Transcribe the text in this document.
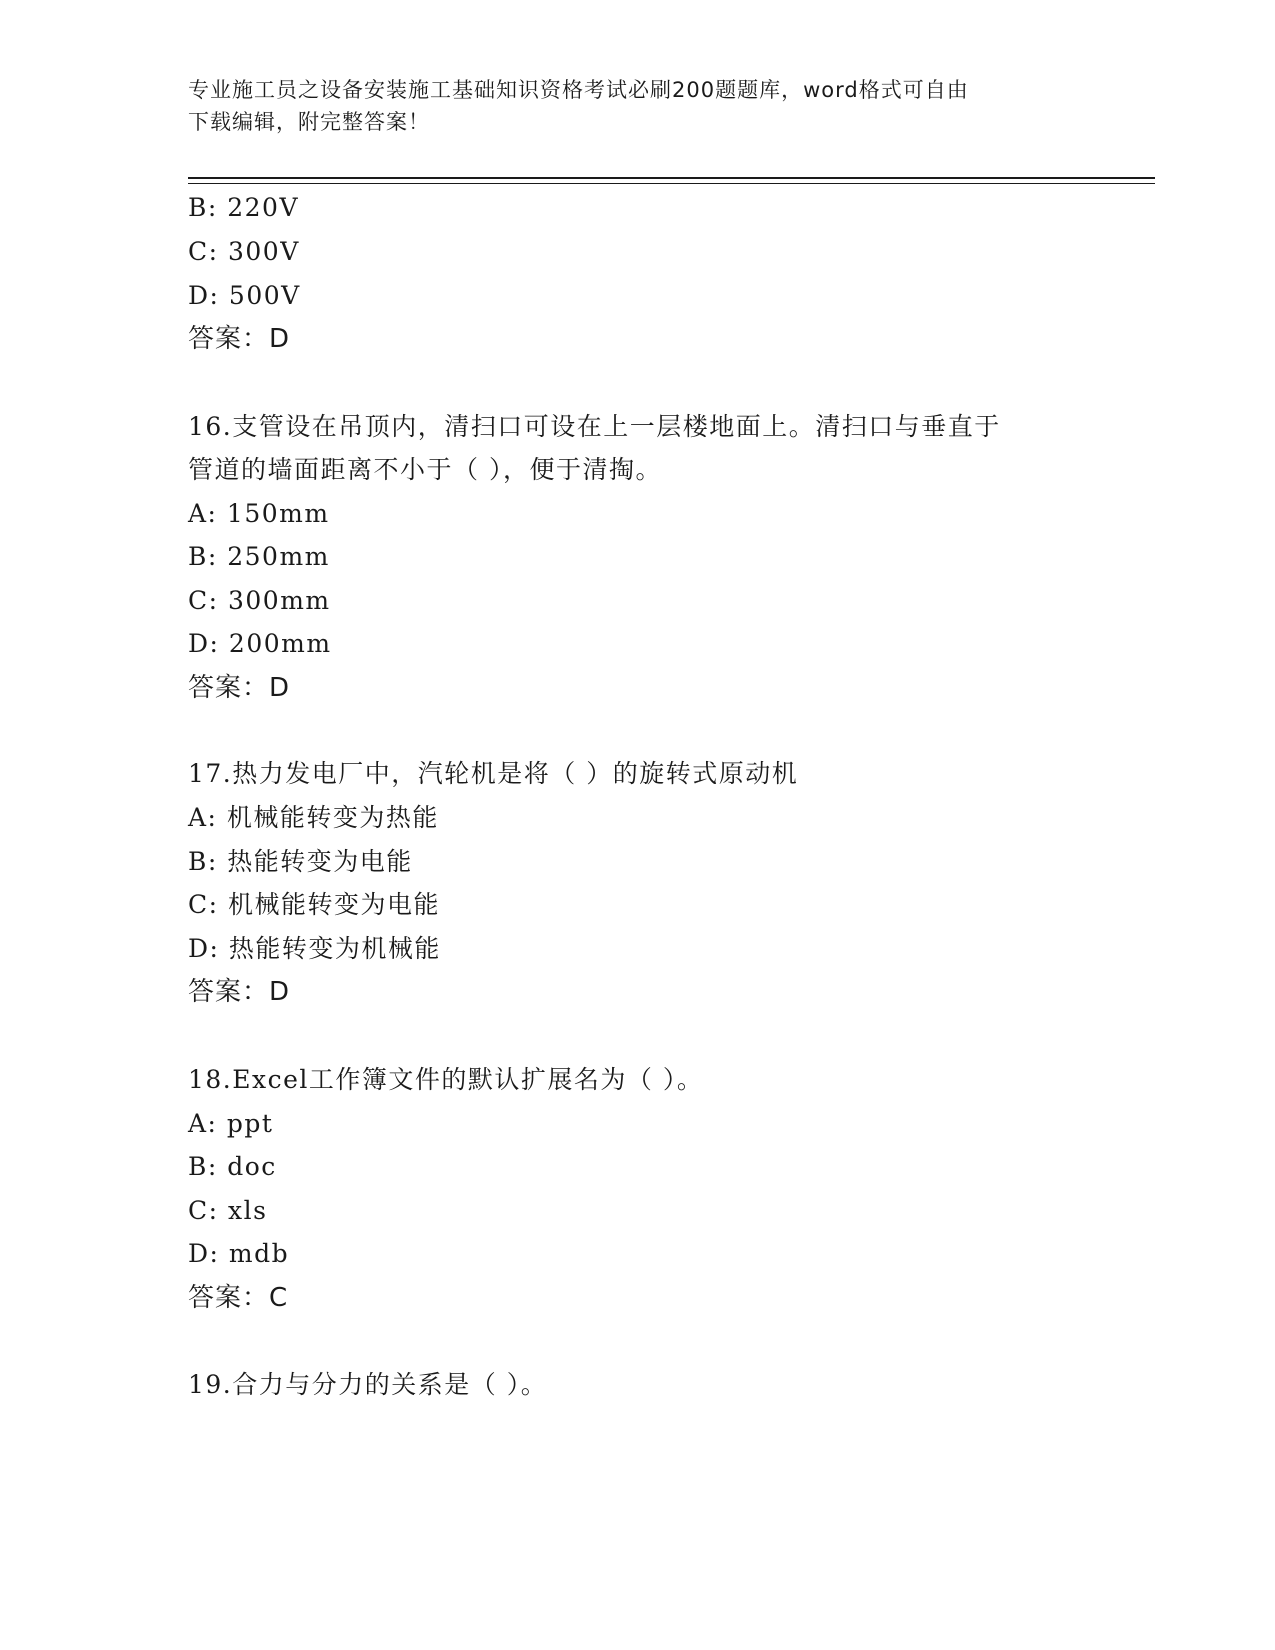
专业施工员之设备安装施工基础知识资格考试必刷200题题库，word格式可自由
下载编辑，附完整答案！
B: 220V
C: 300V
D: 500V
答案：D
16.支管设在吊顶内，清扫口可设在上一层楼地面上。清扫口与垂直于
管道的墙面距离不小于（ ），便于清掏。
A: 150mm
B: 250mm
C: 300mm
D: 200mm
答案：D
17.热力发电厂中，汽轮机是将（ ）的旋转式原动机
A: 机械能转变为热能
B: 热能转变为电能
C: 机械能转变为电能
D: 热能转变为机械能
答案：D
18.Excel工作簿文件的默认扩展名为（ ）。
A: ppt
B: doc
C: xls
D: mdb
答案：C
19.合力与分力的关系是（ ）。
